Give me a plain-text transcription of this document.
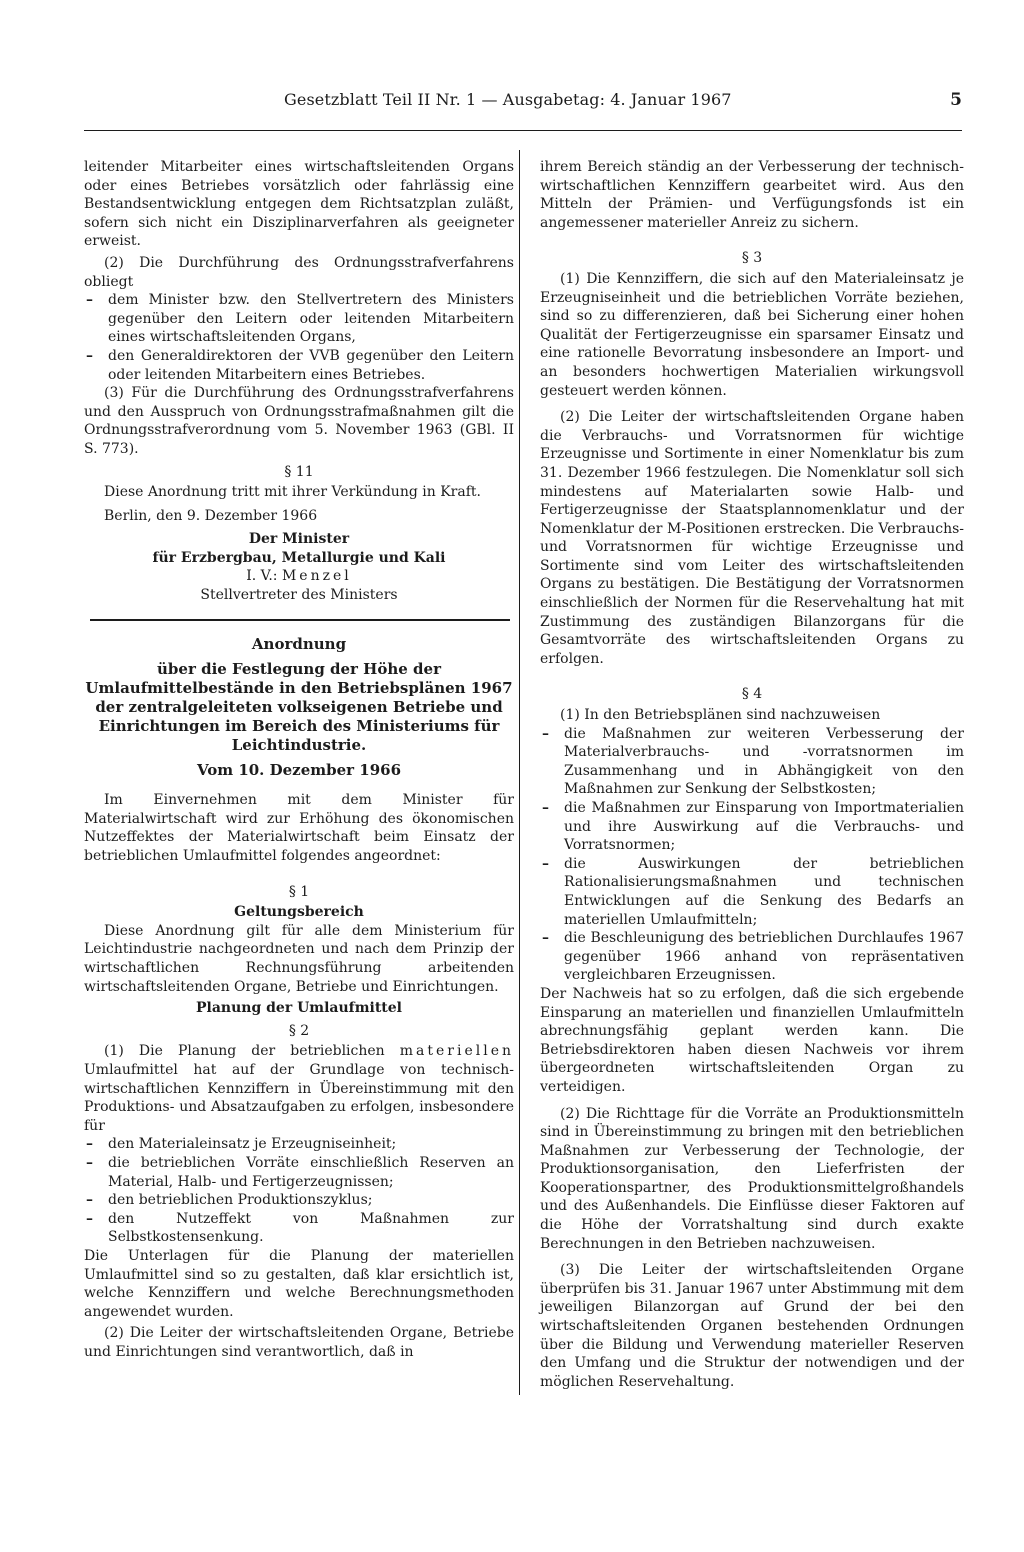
Gesetzblatt Teil II Nr. 1 — Ausgabetag: 4. Januar 1967	5

leitender Mitarbeiter eines wirtschaftsleitenden Organs oder eines Betriebes vorsätzlich oder fahrlässig eine Bestandsentwicklung entgegen dem Richtsatzplan zuläßt, sofern sich nicht ein Disziplinarverfahren als geeigneter erweist.

(2) Die Durchführung des Ordnungsstrafverfahrens obliegt

– dem Minister bzw. den Stellvertretern des Ministers gegenüber den Leitern oder leitenden Mitarbeitern eines wirtschaftsleitenden Organs,
– den Generaldirektoren der VVB gegenüber den Leitern oder leitenden Mitarbeitern eines Betriebes.

(3) Für die Durchführung des Ordnungsstrafverfahrens und den Ausspruch von Ordnungsstrafmaßnahmen gilt die Ordnungsstrafverordnung vom 5. November 1963 (GBl. II S. 773).

§ 11

Diese Anordnung tritt mit ihrer Verkündung in Kraft.

Berlin, den 9. Dezember 1966

Der Minister
für Erzbergbau, Metallurgie und Kali
I. V.: Menzel
Stellvertreter des Ministers
Anordnung
über die Festlegung der Höhe der Umlaufmittelbestände in den Betriebsplänen 1967 der zentralgeleiteten volkseigenen Betriebe und Einrichtungen im Bereich des Ministeriums für Leichtindustrie.
Vom 10. Dezember 1966

Im Einvernehmen mit dem Minister für Materialwirtschaft wird zur Erhöhung des ökonomischen Nutzeffektes der Materialwirtschaft beim Einsatz der betrieblichen Umlaufmittel folgendes angeordnet:

§ 1
Geltungsbereich

Diese Anordnung gilt für alle dem Ministerium für Leichtindustrie nachgeordneten und nach dem Prinzip der wirtschaftlichen Rechnungsführung arbeitenden wirtschaftsleitenden Organe, Betriebe und Einrichtungen.

Planung der Umlaufmittel
§ 2

(1) Die Planung der betrieblichen materiellen Umlaufmittel hat auf der Grundlage von technisch-wirtschaftlichen Kennziffern in Übereinstimmung mit den Produktions- und Absatzaufgaben zu erfolgen, insbesondere für

– den Materialeinsatz je Erzeugniseinheit;
– die betrieblichen Vorräte einschließlich Reserven an Material, Halb- und Fertigerzeugnissen;
– den betrieblichen Produktionszyklus;
– den Nutzeffekt von Maßnahmen zur Selbstkostensenkung.

Die Unterlagen für die Planung der materiellen Umlaufmittel sind so zu gestalten, daß klar ersichtlich ist, welche Kennziffern und welche Berechnungsmethoden angewendet wurden.

(2) Die Leiter der wirtschaftsleitenden Organe, Betriebe und Einrichtungen sind verantwortlich, daß in

ihrem Bereich ständig an der Verbesserung der technisch-wirtschaftlichen Kennziffern gearbeitet wird. Aus den Mitteln der Prämien- und Verfügungsfonds ist ein angemessener materieller Anreiz zu sichern.

§ 3

(1) Die Kennziffern, die sich auf den Materialeinsatz je Erzeugniseinheit und die betrieblichen Vorräte beziehen, sind so zu differenzieren, daß bei Sicherung einer hohen Qualität der Fertigerzeugnisse ein sparsamer Einsatz und eine rationelle Bevorratung insbesondere an Import- und an besonders hochwertigen Materialien wirkungsvoll gesteuert werden können.

(2) Die Leiter der wirtschaftsleitenden Organe haben die Verbrauchs- und Vorratsnormen für wichtige Erzeugnisse und Sortimente in einer Nomenklatur bis zum 31. Dezember 1966 festzulegen. Die Nomenklatur soll sich mindestens auf Materialarten sowie Halb- und Fertigerzeugnisse der Staatsplannomenklatur und der Nomenklatur der M-Positionen erstrecken. Die Verbrauchs- und Vorratsnormen für wichtige Erzeugnisse und Sortimente sind vom Leiter des wirtschaftsleitenden Organs zu bestätigen. Die Bestätigung der Vorratsnormen einschließlich der Normen für die Reservehaltung hat mit Zustimmung des zuständigen Bilanzorgans für die Gesamtvorräte des wirtschaftsleitenden Organs zu erfolgen.

§ 4

(1) In den Betriebsplänen sind nachzuweisen

– die Maßnahmen zur weiteren Verbesserung der Materialverbrauchs- und -vorratsnormen im Zusammenhang und in Abhängigkeit von den Maßnahmen zur Senkung der Selbstkosten;
– die Maßnahmen zur Einsparung von Importmaterialien und ihre Auswirkung auf die Verbrauchs- und Vorratsnormen;
– die Auswirkungen der betrieblichen Rationalisierungsmaßnahmen und technischen Entwicklungen auf die Senkung des Bedarfs an materiellen Umlaufmitteln;
– die Beschleunigung des betrieblichen Durchlaufes 1967 gegenüber 1966 anhand von repräsentativen vergleichbaren Erzeugnissen.

Der Nachweis hat so zu erfolgen, daß die sich ergebende Einsparung an materiellen und finanziellen Umlaufmitteln abrechnungsfähig geplant werden kann. Die Betriebsdirektoren haben diesen Nachweis vor ihrem übergeordneten wirtschaftsleitenden Organ zu verteidigen.

(2) Die Richttage für die Vorräte an Produktionsmitteln sind in Übereinstimmung zu bringen mit den betrieblichen Maßnahmen zur Verbesserung der Technologie, der Produktionsorganisation, den Lieferfristen der Kooperationspartner, des Produktionsmittelgroßhandels und des Außenhandels. Die Einflüsse dieser Faktoren auf die Höhe der Vorratshaltung sind durch exakte Berechnungen in den Betrieben nachzuweisen.

(3) Die Leiter der wirtschaftsleitenden Organe überprüfen bis 31. Januar 1967 unter Abstimmung mit dem jeweiligen Bilanzorgan auf Grund der bei den wirtschaftsleitenden Organen bestehenden Ordnungen über die Bildung und Verwendung materieller Reserven den Umfang und die Struktur der notwendigen und der möglichen Reservehaltung.
